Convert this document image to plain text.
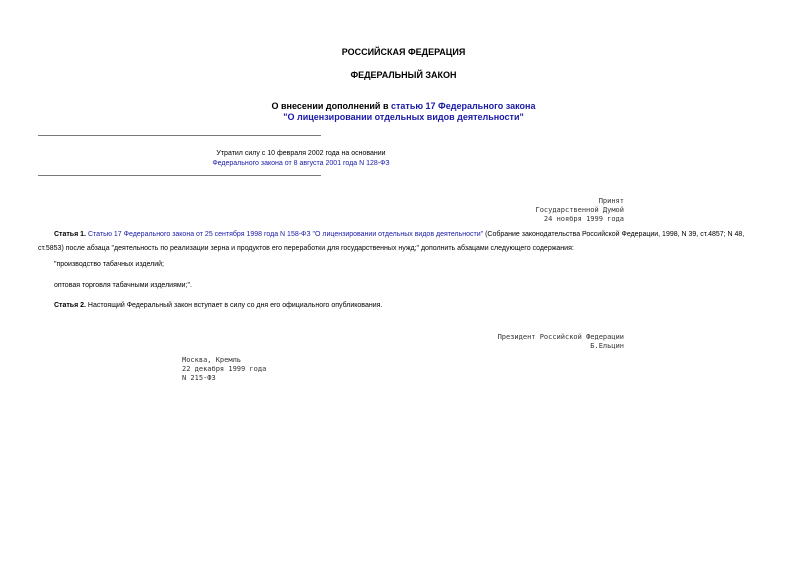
РОССИЙСКАЯ ФЕДЕРАЦИЯ
ФЕДЕРАЛЬНЫЙ ЗАКОН
О внесении дополнений в статью 17 Федерального закона
"О лицензировании отдельных видов деятельности"
Утратил силу с 10 февраля 2002 года на основании
Федерального закона от 8 августа 2001 года N 128-ФЗ
Принят
Государственной Думой
24 ноября 1999 года
Статья 1. Статью 17 Федерального закона от 25 сентября 1998 года N 158-ФЗ "О лицензировании отдельных видов деятельности" (Собрание законодательства Российской Федерации, 1998, N 39, ст.4857; N 48, ст.5853) после абзаца "деятельность по реализации зерна и продуктов его переработки для государственных нужд;" дополнить абзацами следующего содержания:
"производство табачных изделий;
оптовая торговля табачными изделиями;".
Статья 2. Настоящий Федеральный закон вступает в силу со дня его официального опубликования.
Президент Российской Федерации
Б.Ельцин
Москва, Кремль
22 декабря 1999 года
N 215-ФЗ
